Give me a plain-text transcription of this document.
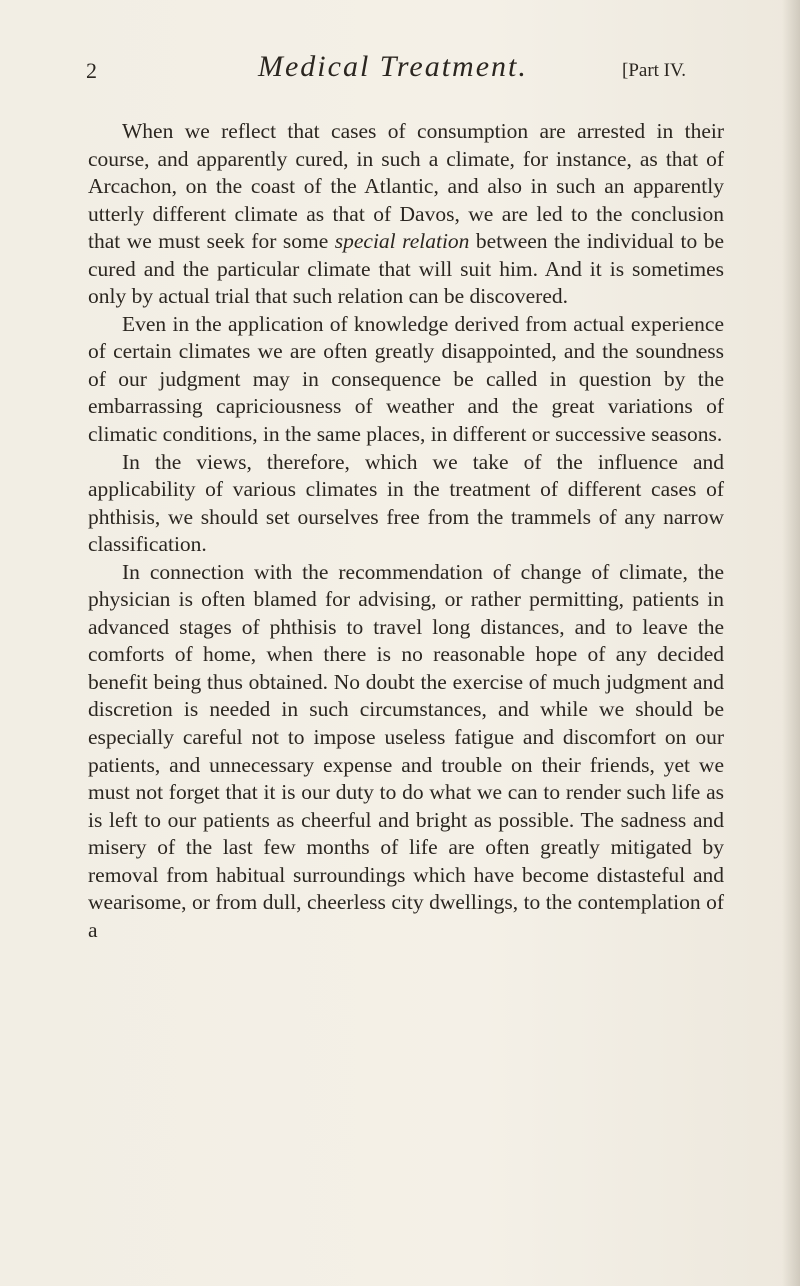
2	Medical Treatment.	[Part IV.

When we reflect that cases of consumption are arrested in their course, and apparently cured, in such a climate, for instance, as that of Arcachon, on the coast of the Atlantic, and also in such an apparently utterly different climate as that of Davos, we are led to the conclusion that we must seek for some special relation between the individual to be cured and the particular climate that will suit him. And it is sometimes only by actual trial that such relation can be discovered.

Even in the application of knowledge derived from actual experience of certain climates we are often greatly disappointed, and the soundness of our judgment may in consequence be called in question by the embarrassing capriciousness of weather and the great variations of climatic conditions, in the same places, in different or successive seasons.

In the views, therefore, which we take of the influence and applicability of various climates in the treatment of different cases of phthisis, we should set ourselves free from the trammels of any narrow classification.

In connection with the recommendation of change of climate, the physician is often blamed for advising, or rather permitting, patients in advanced stages of phthisis to travel long distances, and to leave the comforts of home, when there is no reasonable hope of any decided benefit being thus obtained. No doubt the exercise of much judgment and discretion is needed in such circumstances, and while we should be especially careful not to impose useless fatigue and discomfort on our patients, and unnecessary expense and trouble on their friends, yet we must not forget that it is our duty to do what we can to render such life as is left to our patients as cheerful and bright as possible. The sadness and misery of the last few months of life are often greatly mitigated by removal from habitual surroundings which have become distasteful and wearisome, or from dull, cheerless city dwellings, to the contemplation of a
